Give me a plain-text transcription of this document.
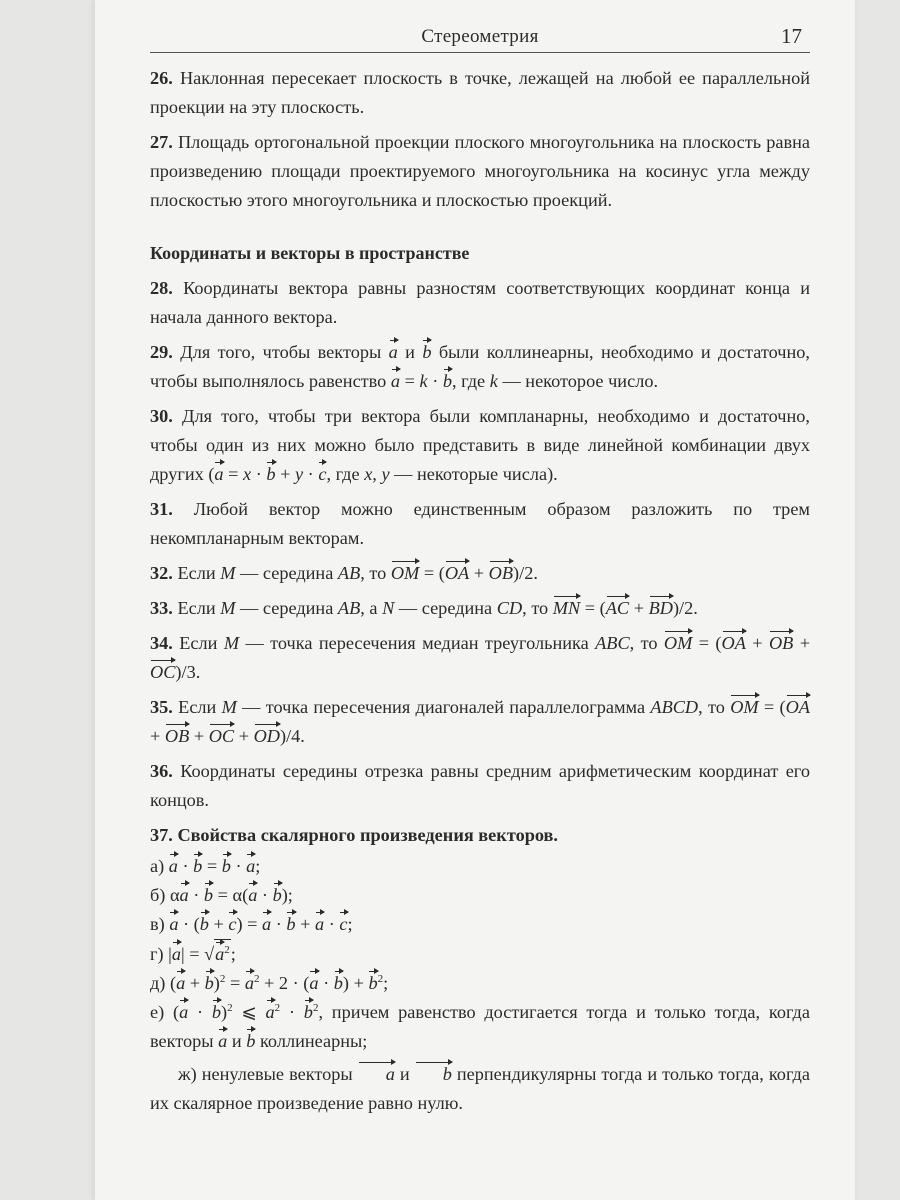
Стереометрия	17

26. Наклонная пересекает плоскость в точке, лежащей на любой ее параллельной проекции на эту плоскость.

27. Площадь ортогональной проекции плоского многоугольника на плоскость равна произведению площади проектируемого многоугольника на косинус угла между плоскостью этого многоугольника и плоскостью проекций.

Координаты и векторы в пространстве

28. Координаты вектора равны разностям соответствующих координат конца и начала данного вектора.

29. Для того, чтобы векторы a и b были коллинеарны, необходимо и достаточно, чтобы выполнялось равенство a = k · b, где k — некоторое число.

30. Для того, чтобы три вектора были компланарны, необходимо и достаточно, чтобы один из них можно было представить в виде линейной комбинации двух других (a = x · b + y · c, где x, y — некоторые числа).

31. Любой вектор можно единственным образом разложить по трем некомпланарным векторам.

32. Если M — середина AB, то OM = (OA + OB)/2.

33. Если M — середина AB, а N — середина CD, то MN = (AC + BD)/2.

34. Если M — точка пересечения медиан треугольника ABC, то OM = (OA + OB + OC)/3.

35. Если M — точка пересечения диагоналей параллелограмма ABCD, то OM = (OA + OB + OC + OD)/4.

36. Координаты середины отрезка равны средним арифметическим координат его концов.

37. Свойства скалярного произведения векторов.

а) a · b = b · a;

б) αa · b = α(a · b);

в) a · (b + c) = a · b + a · c;

г) $|a| = √a^2$;

д) $(a + b)^2 = a^2 + 2 \cdot (a \cdot b) + b^2$;

е) $(a \cdot b)^2$ ⩽ $a^2 \cdot b^2$, причем равенство достигается тогда и только тогда, когда векторы a и b коллинеарны;

ж) ненулевые векторы a и b перпендикулярны тогда и только тогда, когда их скалярное произведение равно нулю.
